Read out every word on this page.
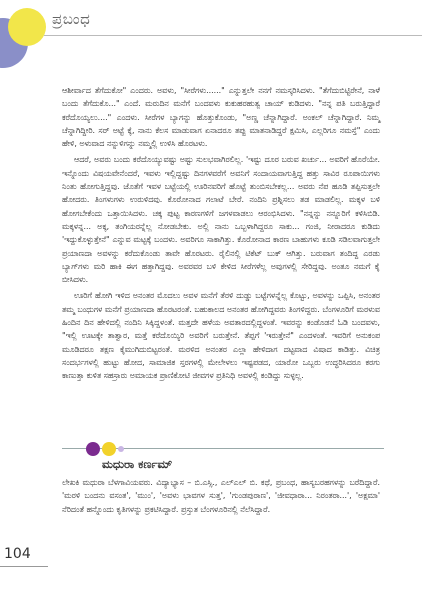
ಪ್ರಬಂಧ

ಆಶೀರ್ವಾದ ತೆಗೆದುಕೋ" ಎಂದರು. ಅವಳು, "ಸೀರೆಗಳು......" ಎನ್ನುತ್ತಲೇ ನನಗೆ ನಮಸ್ಕರಿಸಿದಳು. "ತೆಗೆದುಬಿಟ್ಟಿರೇನೆ, ನಾಳೆ ಬಂದು ತೆಗೆದುಕೊ..." ಎಂದೆ. ಮರುದಿನ ಮನೆಗೆ ಬಂದವಳು ಕುಕುಹರಹುತ್ವ ಚಾಯ್ ಕುಡಿದಳು. "ನನ್ನ ಪತಿ ಬರುತ್ತಿದ್ದಾರೆ ಕರೆದೊಯ್ಯಲು...." ಎಂದಳು. ಸೀರೆಗಳ ಬ್ಯಾಗನ್ನು ಹೊತ್ತುಕೊಂಡು, "ಅಣ್ಣ ಚೆನ್ನಾಗಿದ್ದಾರೆ. ಅಂಕಲ್ ಚೆನ್ನಾಗಿದ್ದಾರೆ. ನಿಮ್ಮ ಚೆನ್ನಾಗಿದ್ದೀರಿ. ಸರ್ ಅಟ್ಟೆ ಕ್ಕೆ, ನಾನು ಕೆಲಸ ಮಾಡುವಾಗ ಏನಾದರೂ ತಪ್ಪು ಮಾತನಾಡಿದ್ದರೆ ಕ್ಷಮಿಸಿ, ಎಲ್ಲರಿಗೂ ನಮಸ್ತೆ" ಎಂದು ಹೇಳಿ, ಅಳುವಾದ ನನ್ನುಳಿಗನ್ನು ನಮ್ಮಲ್ಲಿ ಉಳಿಸಿ ಹೊರಟಳು.

ಆದರೆ, ಅವರು ಬಂದು ಕರೆದೊಯ್ಯುವಷ್ಟು ಅಷ್ಟು ಸುಲಭವಾಗಿರಲಿಲ್ಲ. 'ಇಷ್ಟು ದೂರ ಬರುವ ಖರ್ಚು... ಅವರಿಗೆ ಹೊರೆಯೇ. ಇನ್ನೊಂದು ವಿಷಯವೇನೆಂದರೆ, ಇವಳು ಇಲ್ಲಿದ್ದಷ್ಟು ದಿನಗಳವರೆಗೆ ಅವನಿಗೆ ಸಂದಾಯವಾಗುತ್ತಿದ್ದ ಹತ್ತು ಸಾವಿರ ರೂಪಾಯಿಗಳು ನಿಂತು ಹೋಗುತ್ತಿದ್ದವು. ಜೊತೆಗೆ ಇವಳ ಬಟ್ಟೆಯಲ್ಲಿ ಊರಿನವರಿಗೆ ಹೊಟ್ಟೆ ತುಂಬಿಸಬೇಕಲ್ಲ... ಅವರು ನೆಪ ಹೂಡಿ ತಪ್ಪಿಸುತ್ತಲೇ ಹೋದರು. ತಿಂಗಳುಗಳು ಉರುಳಿದವು. ಕೊರೋನಾದ ಗಲಾಟೆ ಬೇರೆ. ನಂದಿನಿ ಪ್ರಶ್ನಿಸಲು ತಡ ಮಾಡಲಿಲ್ಲ. ಮಕ್ಕಳ ಬಳಿ ಹೋಗಬೇಕೆಂದು ಒತ್ತಾಯಿಸಿದಳು. ಚಕ್ಕ ಪುಟ್ಟ ಕಾರಣಗಳಿಗೆ ಜಗಳವಾಡಲು ಆರಂಭಿಸಿದಳು. "ನನ್ನನ್ನು ನನ್ನೂರಿಗೆ ಕಳಿಸಿಬಿಡಿ. ಮಕ್ಕಳನ್ನ... ಅಕ್ಕ, ತಂಗಿಯರನ್ನೆಲ್ಲ ನೋಡಬೇಕು. ಅಲ್ಲಿ ನಾನು ಒಬ್ಬಳಾಗಿದ್ದರೂ ಸಾಕು... ಗಂಜಿ, ನೀರಾದರೂ ಕುಡಿದು 'ಇದ್ದುಕೊಳ್ಳುತ್ತೇನೆ" ಎನ್ನುವ ಮಟ್ಟಕ್ಕೆ ಬಂದಳು. ಅವರಿಗೂ ಸಾಕಾಗಿತ್ತು. ಕೊರೋನಾದ ಕಾರಣ ಬಾಹುಗಳು ಕೂಡಿ ಸಡಿಲವಾಗುತ್ತಲೇ ಪ್ರಯಾಣದಾ ಅವಳನ್ನು ಕರೆದುಕೊಂಡು ತಾವೇ ಹೊರಟರು. ರೈಲಿನಲ್ಲಿ ಟಿಕೆಟ್ ಬುಕ್ ಆಗಿತ್ತು. ಬರುವಾಗ ತಂದಿದ್ದ ಎರಡು ಬ್ಯಾಗ್‌ಗಳು ಮರಿ ಹಾಕಿ ಈಗ ಹತ್ತಾಗಿದ್ದವು. ಅವರವರ ಬಳಿ ಕೇಳಿದ ಸೀರೆಗಳೆಲ್ಲ ಅವುಗಳಲ್ಲಿ ಸೇರಿದ್ದವು. ಅಂತೂ ನಮಗೆ ಕೈ ಬೀಸಿದಳು.

ಊರಿಗೆ ಹೋಗಿ ಇಳಿದ ಅನಂತರ ಮೊದಲು ಅವಳ ಮನೆಗೆ ತೆರಳಿ ದುಡ್ಡು ಬಟ್ಟೆಗಳನ್ನೆಲ್ಲ ಕೊಟ್ಟು, ಅವಳನ್ನು ಒಪ್ಪಿಸಿ, ಅನಂತರ ತಮ್ಮ ಬಂಧುಗಳ ಮನೆಗೆ ಪ್ರಯಾಣದಾ ಹೊರಟರಂತೆ. ಬಹುಕಾಲದ ಅನಂತರ ಹೋಗಿದ್ದವರು ತಿಂಗಳಿದ್ದರು. ಬೆಂಗಳೂರಿಗೆ ಮರಳುವ ಹಿಂದಿನ ದಿನ ಹೇಳಿದಲ್ಲಿ ನಂದಿನಿ ಸಿಕ್ಕಿದ್ದಳಂತೆ. ಮತ್ತದೇ ಹಳೆಯ ಅವತಾರದಲ್ಲಿದ್ದಳಂತೆ. ಇವರನ್ನು ಕಂಡೊಡನೆ ಓಡಿ ಬಂದವಳು, "ಇಲ್ಲಿ ಊಟಕ್ಕೇ ತಾತ್ವಾರ, ಮತ್ತೆ ಕರೆದೊಯ್ಯಿರಿ ಅವರಿಗೆ ಬರುತ್ತೇನೆ. ತೆಪ್ಪಗೆ 'ಇರುತ್ತೇನೆ" ಎಂದಳಂತೆ. ಇವರಿಗೆ ಅನುಕಂಪ ಮೂಡಿದರೂ ತಕ್ಷಣ ಕೈಮುಗಿದುಬಿಟ್ಟರಂತೆ. ಮರಳಿದ ಅನಂತರ ಎಲ್ಲಾ ಹೇಳಿದಾಗ ದಟ್ಟವಾದ ವಿಷಾದ ಕಾಡಿತ್ತು. ವಿಚಿತ್ರ ಸಂದರ್ಭಗಳಲ್ಲಿ ಹುಟ್ಟು ಹೋದ, ಸಾಮಾಜಿಕ ಸ್ತರಗಳಲ್ಲಿ ಮೇಲೇಳಲು ಇಷ್ಟಪಡದ, ಯಾರೋ ಒಬ್ಬರು ಉದ್ಧರಿಸಿದರೂ ಕರಗು ಕಾಣುತ್ತಾ ಕುಳಿತ ಸಹಸ್ರಾರು ಅಮಾಯಕ ಪ್ರಾಣಿಕೋಟಿ ಜೀವಗಳ ಪ್ರತಿನಿಧಿ ಅವಳಲ್ಲಿ ಕಂಡಿದ್ದು ಸುಳ್ಳಲ್ಲ.

ಮಧುರಾ ಕರ್ಣಮ್

ಲೇಖಕಿ ಮಧುರಾ ಬೆಳಗಾವಿಯವರು. ವಿದ್ಯಾಭ್ಯಾಸ – ಬಿ.ಎಸ್ಸಿ., ಎಲ್ಎಲ್ ಬಿ. ಕಥೆ, ಪ್ರಬಂಧ, ಹಾಸ್ಯಬರಹಗಳನ್ನು ಬರೆದಿದ್ದಾರೆ. 'ಮರಳಿ ಬಂದನು ವಸಂತ', 'ಮುಂ', 'ಅವಳು ಭಾವಗಳ ಸುತ್ತ', 'ಗುಂಡಪುರಾಣ', 'ಜೀವಧಾರಾ... ನಿರಂತರಾ...', 'ಅಕ್ಷಮಾ' ನೆರಿದಂತೆ ಹನ್ನೊಂದು ಕೃತಿಗಳನ್ನು ಪ್ರಕಟಿಸಿದ್ದಾರೆ. ಪ್ರಸ್ತುತ ಬೆಂಗಳೂರಿನಲ್ಲಿ ನೆಲೆಸಿದ್ದಾರೆ.

104
